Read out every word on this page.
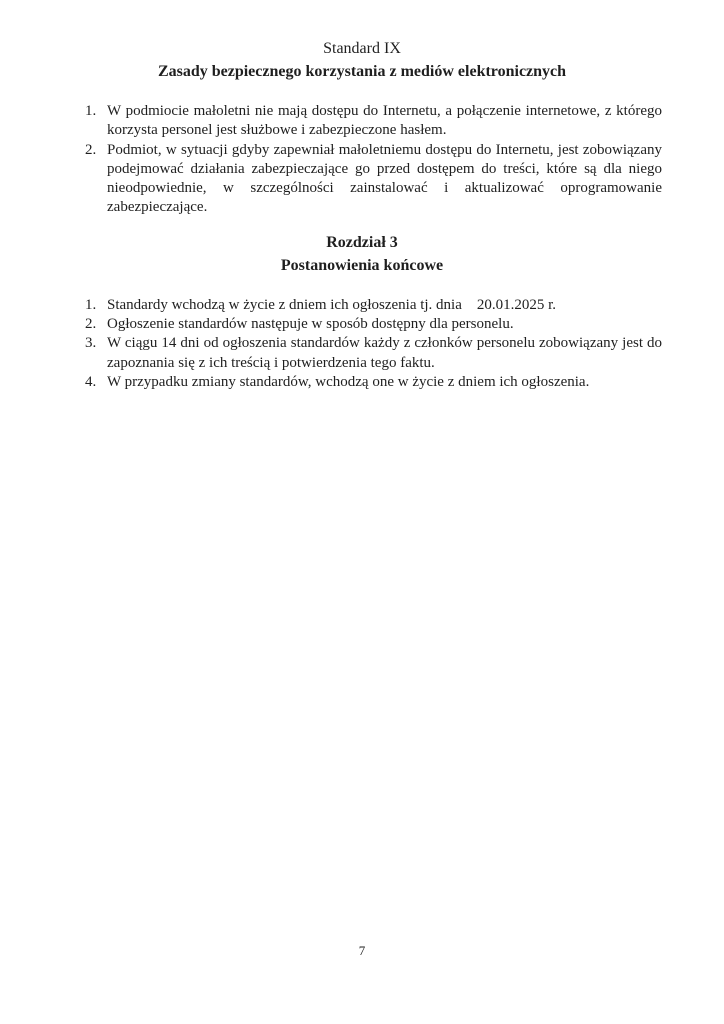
Standard IX
Zasady bezpiecznego korzystania z mediów elektronicznych
W podmiocie małoletni nie mają dostępu do Internetu, a połączenie internetowe, z którego korzysta personel jest służbowe i zabezpieczone hasłem.
Podmiot, w sytuacji gdyby zapewniał małoletniemu dostępu do Internetu, jest zobowiązany podejmować działania zabezpieczające go przed dostępem do treści, które są dla niego nieodpowiednie, w szczególności zainstalować i aktualizować oprogramowanie zabezpieczające.
Rozdział 3
Postanowienia końcowe
Standardy wchodzą w życie z dniem ich ogłoszenia tj. dnia    20.01.2025 r.
Ogłoszenie standardów następuje w sposób dostępny dla personelu.
W ciągu 14 dni od ogłoszenia standardów każdy z członków personelu zobowiązany jest do zapoznania się z ich treścią i potwierdzenia tego faktu.
W przypadku zmiany standardów, wchodzą one w życie z dniem ich ogłoszenia.
7
